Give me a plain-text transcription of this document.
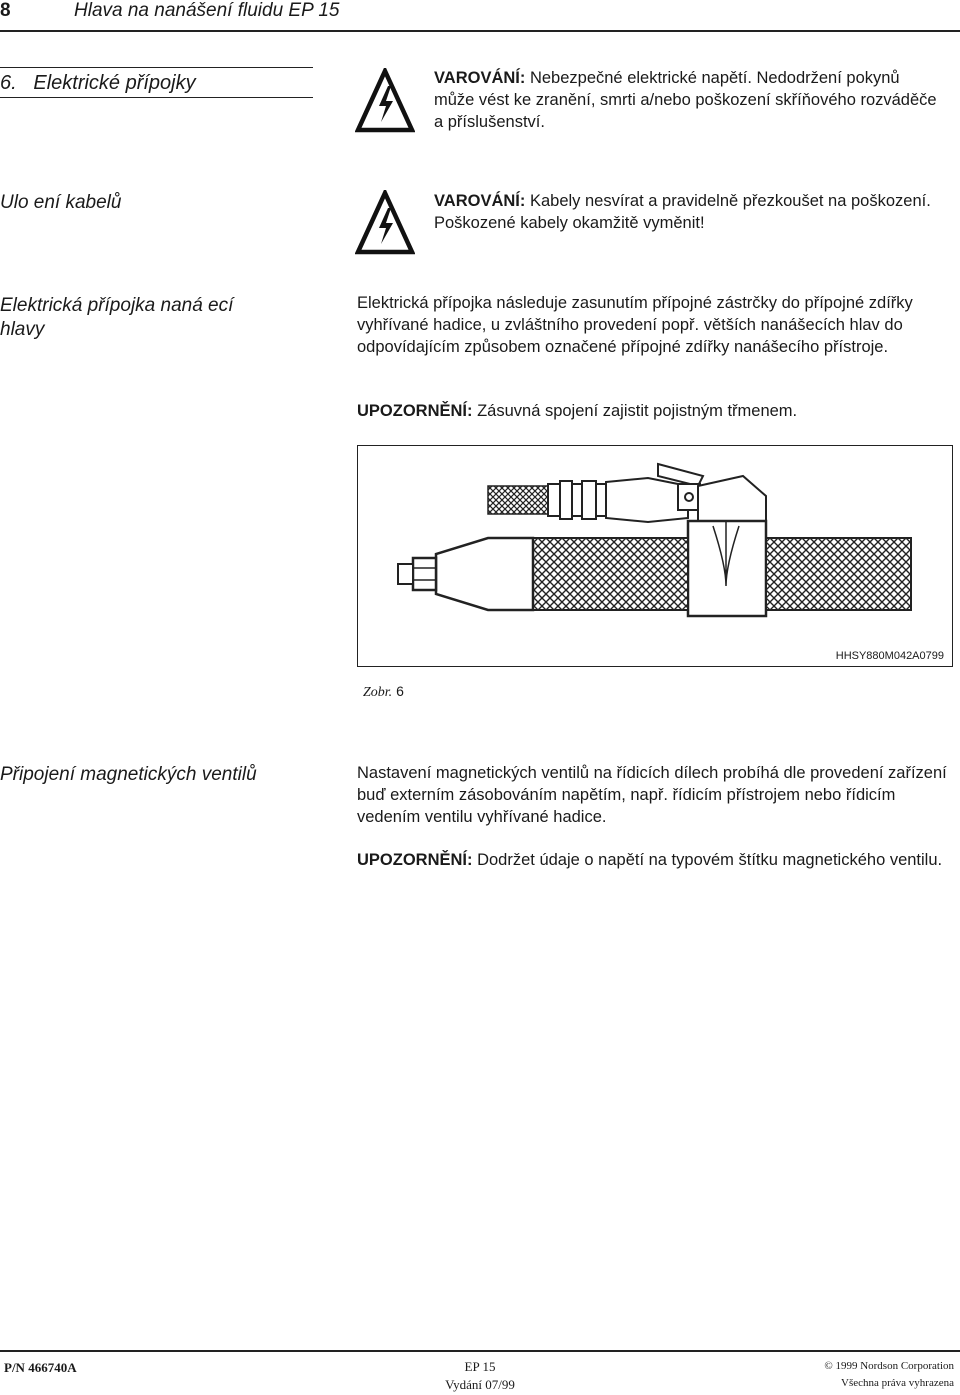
8	Hlava na nanášení fluidu EP 15
6.   Elektrické přípojky	VAROVÁNÍ: Nebezpečné elektrické napětí. Nedodržení pokynů může vést ke zranění, smrti a/nebo poškození skříňového rozváděče a příslušenství.
Ulo ení kabelů	VAROVÁNÍ: Kabely nesvírat a pravidelně přezkoušet na poškození. Poškozené kabely okamžitě vyměnit!
Elektrická přípojka naná ecí
hlavy
Elektrická přípojka následuje zasunutím přípojné zástrčky do přípojné zdířky vyhřívané hadice, u zvláštního provedení popř. větších nanášecích hlav do odpovídajícím způsobem označené přípojné zdířky nanášecího přístroje.
UPOZORNĚNÍ: Zásuvná spojení zajistit pojistným třmenem.
HHSY880M042A0799
Zobr. 6
Připojení magnetických ventilů	Nastavení magnetických ventilů na řídicích dílech probíhá dle provedení zařízení buď externím zásobováním napětím, např. řídicím přístrojem nebo řídicím vedením ventilu vyhřívané hadice.
UPOZORNĚNÍ: Dodržet údaje o napětí na typovém štítku magnetického ventilu.
P/N 466740A	EP 15
Vydání 07/99
© 1999 Nordson Corporation
Všechna práva vyhrazena
